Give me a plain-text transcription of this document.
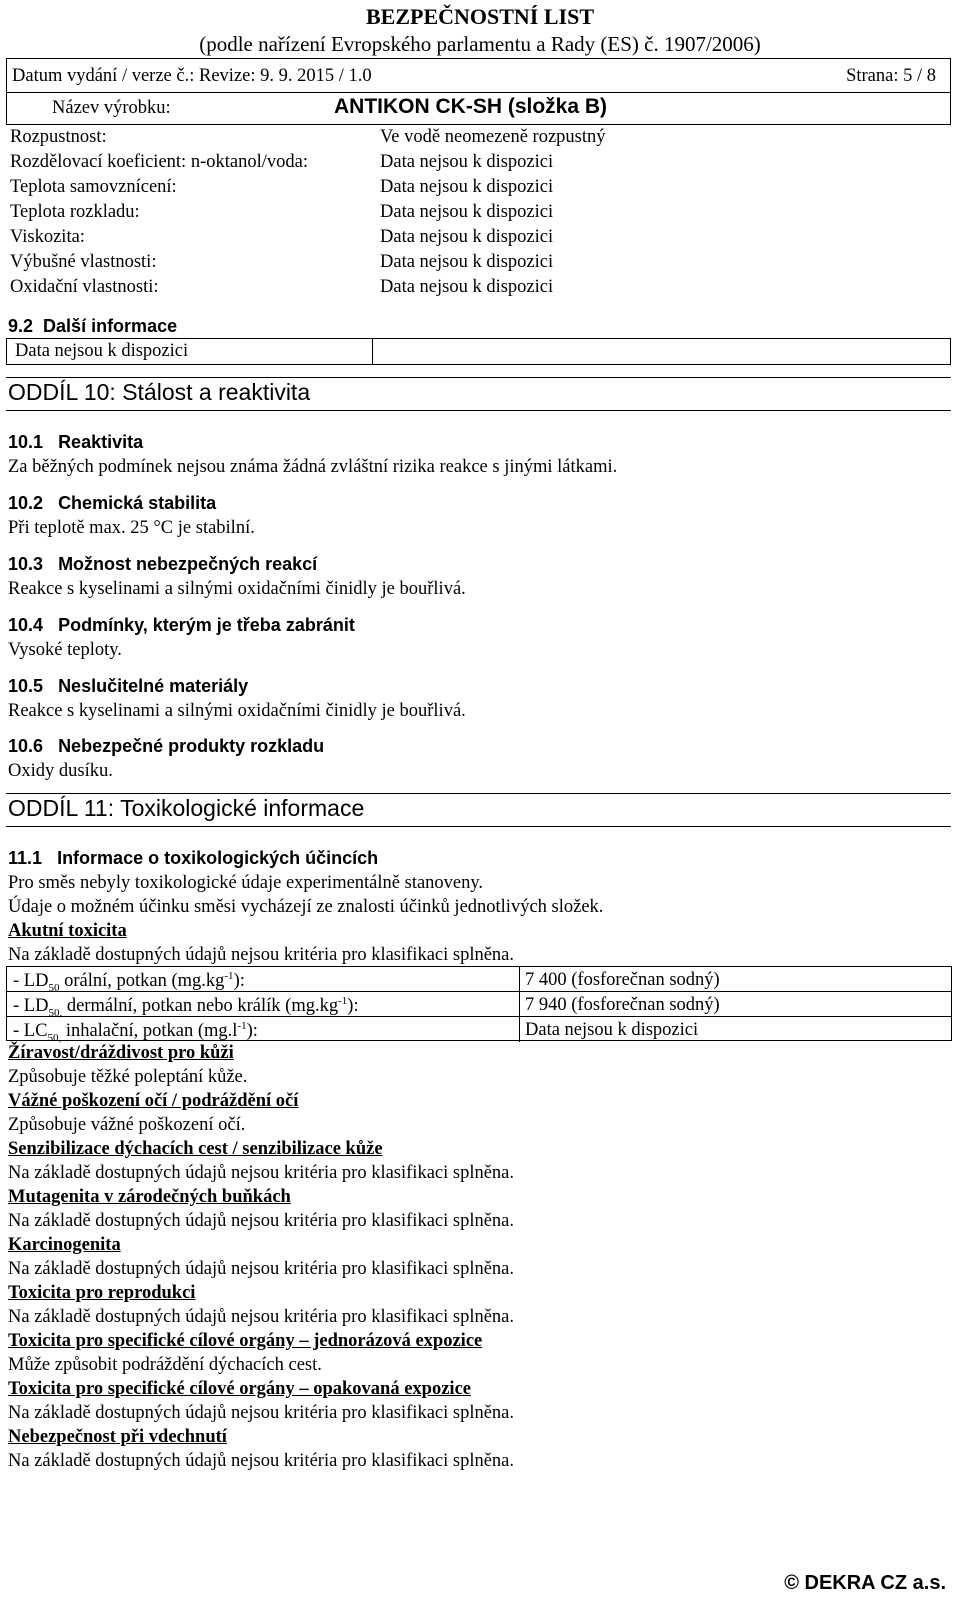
BEZPEČNOSTNÍ LIST
(podle nařízení Evropského parlamentu a Rady (ES) č. 1907/2006)
Datum vydání / verze č.: Revize: 9. 9. 2015 / 1.0	Strana: 5 / 8
Název výrobku:	ANTIKON CK-SH (složka B)
Rozpustnost:	Ve vodě neomezeně rozpustný
Rozdělovací koeficient: n-oktanol/voda:	Data nejsou k dispozici
Teplota samovznícení:	Data nejsou k dispozici
Teplota rozkladu:	Data nejsou k dispozici
Viskozita:	Data nejsou k dispozici
Výbušné vlastnosti:	Data nejsou k dispozici
Oxidační vlastnosti:	Data nejsou k dispozici
9.2 Další informace
Data nejsou k dispozici
ODDÍL 10: Stálost a reaktivita
10.1 Reaktivita
Za běžných podmínek nejsou známa žádná zvláštní rizika reakce s jinými látkami.
10.2 Chemická stabilita
Při teplotě max. 25 °C je stabilní.
10.3 Možnost nebezpečných reakcí
Reakce s kyselinami a silnými oxidačními činidly je bouřlivá.
10.4 Podmínky, kterým je třeba zabránit
Vysoké teploty.
10.5 Neslučitelné materiály
Reakce s kyselinami a silnými oxidačními činidly je bouřlivá.
10.6 Nebezpečné produkty rozkladu
Oxidy dusíku.
ODDÍL 11: Toxikologické informace
11.1 Informace o toxikologických účincích
Pro směs nebyly toxikologické údaje experimentálně stanoveny.
Údaje o možném účinku směsi vycházejí ze znalosti účinků jednotlivých složek.
Akutní toxicita
Na základě dostupných údajů nejsou kritéria pro klasifikaci splněna.
- $LD_{50}$ orální, potkan $(mg.kg^{-1})$:	7 400 (fosforečnan sodný)
- $LD_{50,}$ dermální, potkan nebo králík $(mg.kg^{-1})$:	7 940 (fosforečnan sodný)
- $LC_{50,}$ inhalační, potkan $(mg.l^{-1})$:	Data nejsou k dispozici
Žíravost/dráždivost pro kůži
Způsobuje těžké poleptání kůže.
Vážné poškození očí / podráždění očí
Způsobuje vážné poškození očí.
Senzibilizace dýchacích cest / senzibilizace kůže
Na základě dostupných údajů nejsou kritéria pro klasifikaci splněna.
Mutagenita v zárodečných buňkách
Na základě dostupných údajů nejsou kritéria pro klasifikaci splněna.
Karcinogenita
Na základě dostupných údajů nejsou kritéria pro klasifikaci splněna.
Toxicita pro reprodukci
Na základě dostupných údajů nejsou kritéria pro klasifikaci splněna.
Toxicita pro specifické cílové orgány – jednorázová expozice
Může způsobit podráždění dýchacích cest.
Toxicita pro specifické cílové orgány – opakovaná expozice
Na základě dostupných údajů nejsou kritéria pro klasifikaci splněna.
Nebezpečnost při vdechnutí
Na základě dostupných údajů nejsou kritéria pro klasifikaci splněna.
© DEKRA CZ a.s.
